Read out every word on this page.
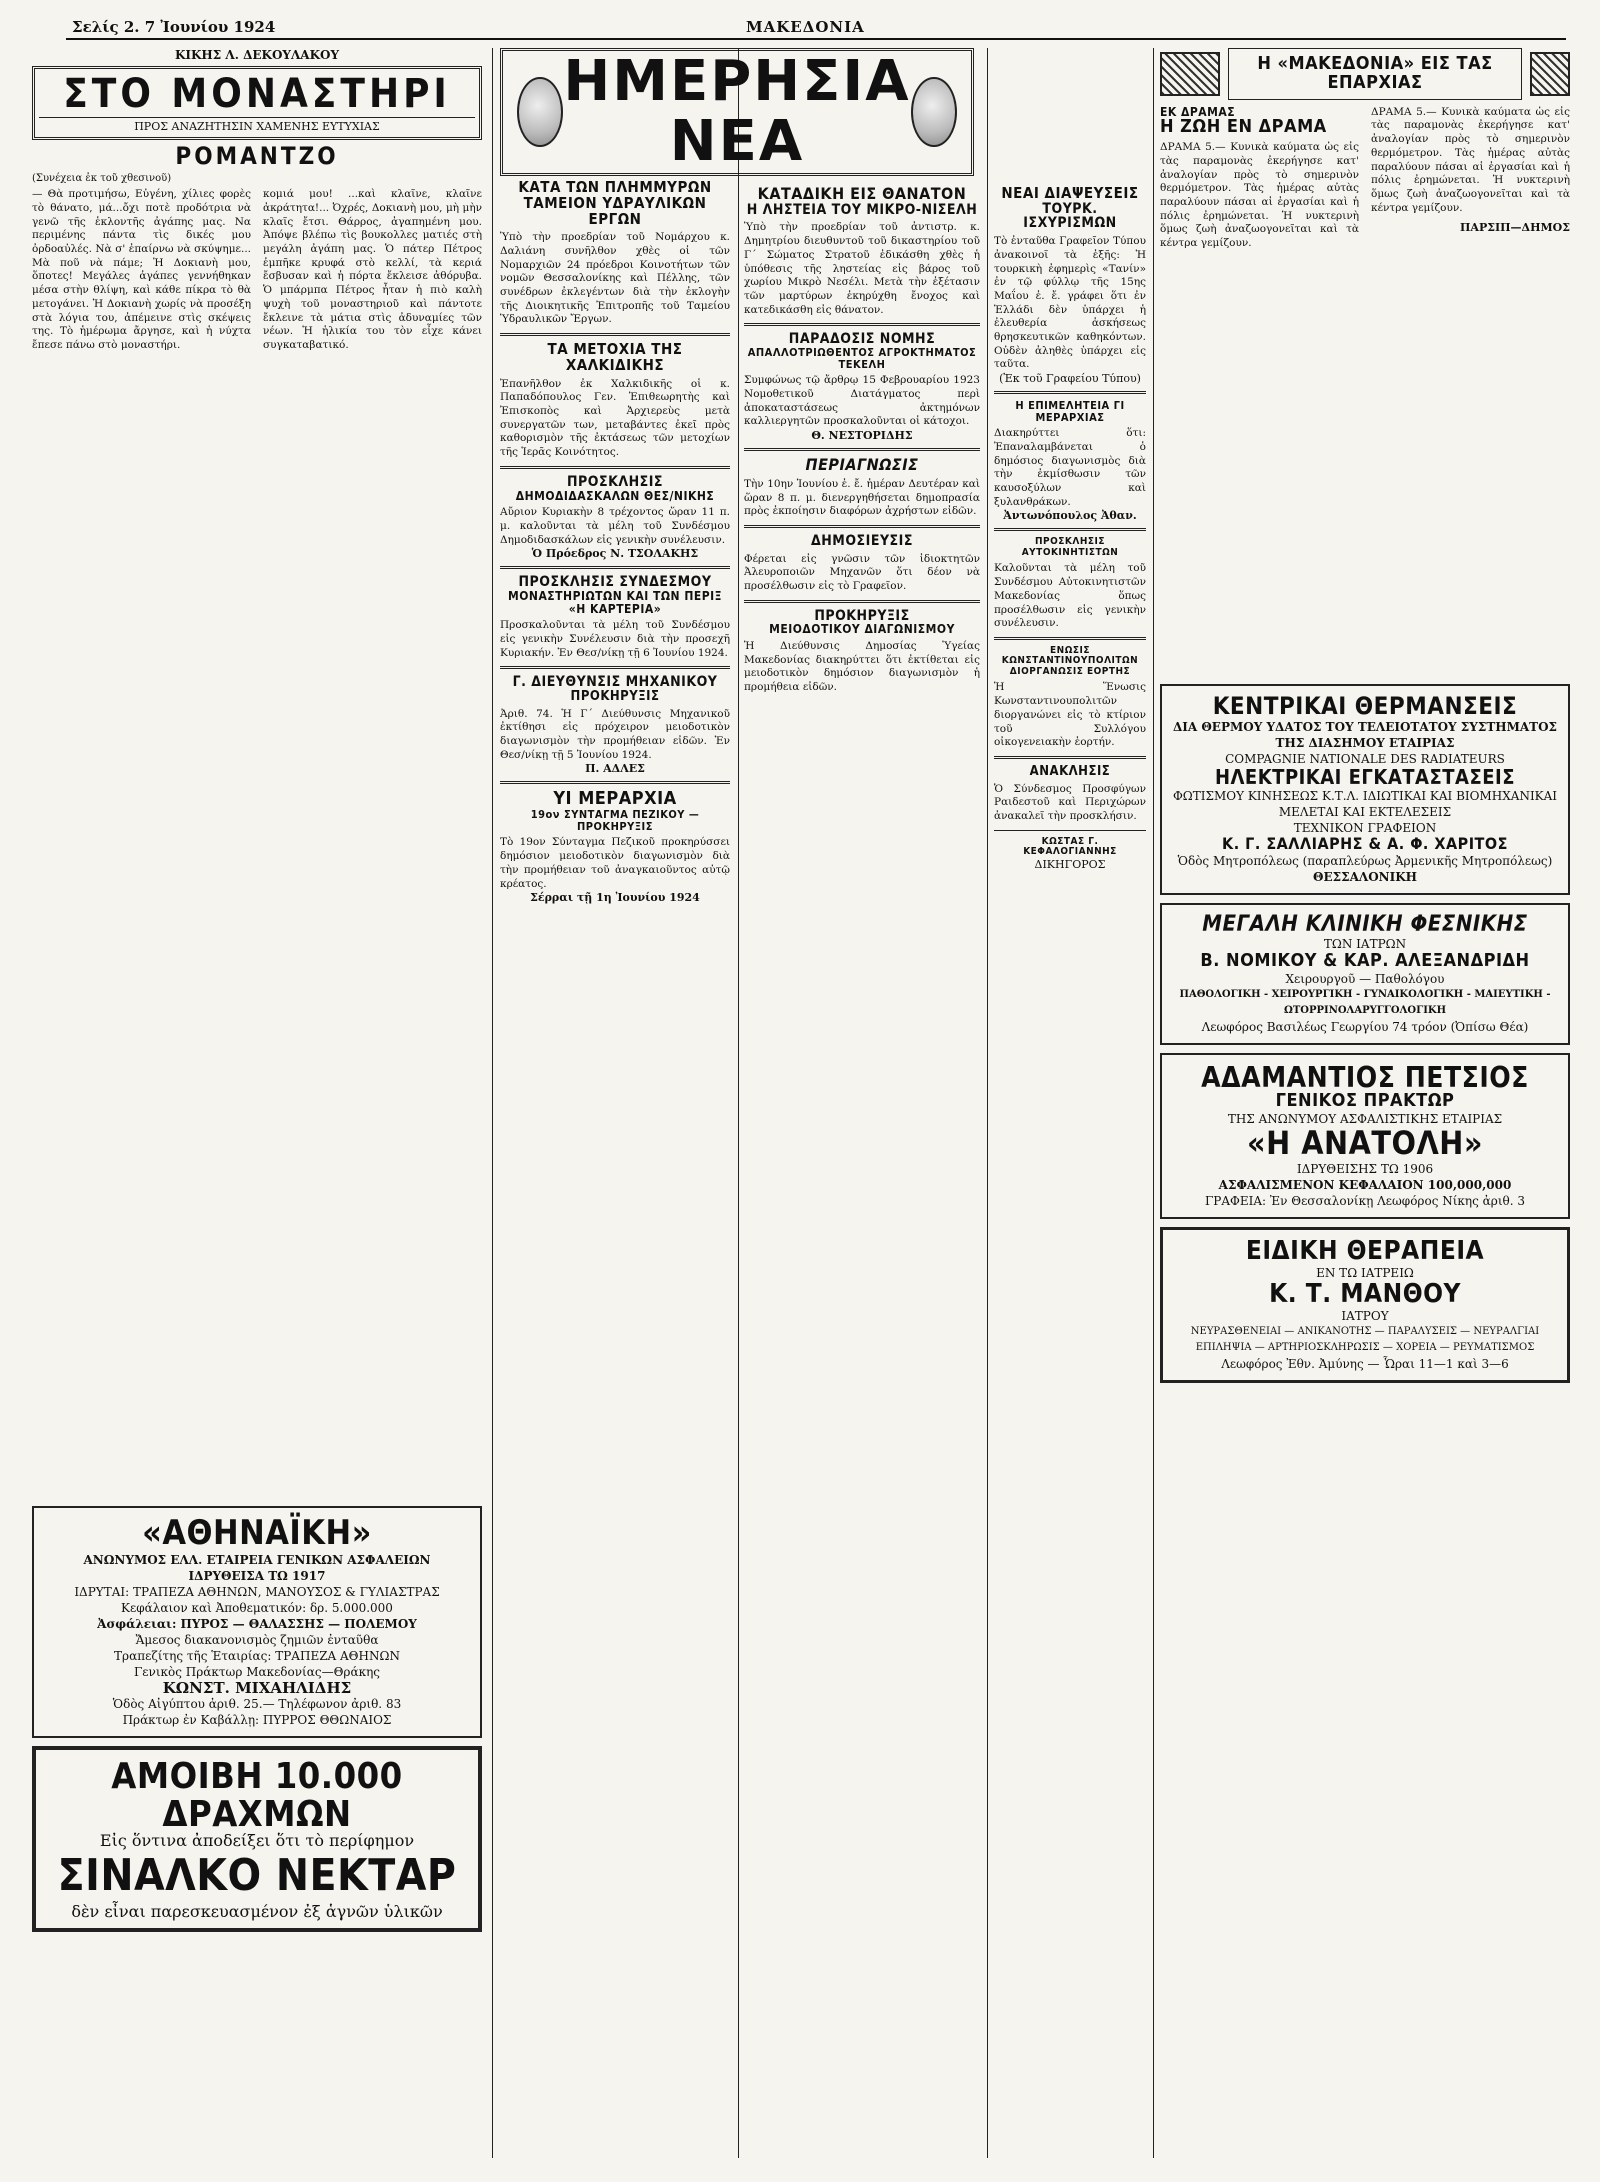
Σελίς 2. 7 Ἰουνίου 1924	ΜΑΚΕΔΟΝΙΑ
ΚΙΚΗΣ Λ. ΔΕΚΟΥΛΑΚΟΥ
ΣΤΟ ΜΟΝΑΣΤΗΡΙ
ΠΡΟΣ ΑΝΑΖΗΤΗΣΙΝ ΧΑΜΕΝΗΣ ΕΥΤΥΧΙΑΣ
ΡΟΜΑΝΤΖΟ
(Συνέχεια ἐκ τοῦ χθεσινοῦ)
— Θὰ προτιμήσω, Εὐγένη, χίλιες φορὲς τὸ θάνατο, μά...ὄχι ποτὲ προδότρια νὰ γενῶ τῆς ἑκλοντῆς ἀγάπης μας. Να περιμένης πάντα τὶς δικές μου ὀρδοαὐλές. Νὰ σ' ἐπαίρνω νὰ σκύψημε... Μὰ ποῦ νὰ πάμε; Ἡ Δοκιανὴ μου, ὅποτες! Μεγάλες ἀγάπες γεννήθηκαν μέσα στὴν θλίψη, καὶ κάθε πίκρα τὸ θὰ μετογάνει. Ἡ Δοκιανὴ χωρίς νὰ προσέξη στὰ λόγια του, ἀπέμεινε στὶς σκέψεις της. Τὸ ἡμέρωμα ἄργησε, καὶ ἡ νύχτα ἔπεσε πάνω στὸ μοναστήρι.
κομιά μου! ...καὶ κλαῖνε, κλαῖνε ἀκράτητα!... Ὀχρές, Δοκιανὴ μου, μὴ μὴν κλαῖς ἔτσι. Θάρρος, ἀγαπημένη μου. Ἀπόψε βλέπω τὶς βουκολλες ματιές στὴ μεγάλη ἀγάπη μας. Ὁ πάτερ Πέτρος ἐμπῆκε κρυφά στὸ κελλί, τὰ κεριά ἔσβυσαν καὶ ἡ πόρτα ἔκλεισε ἀθόρυβα. Ὁ μπάρμπα Πέτρος ἦταν ἡ πιὸ καλὴ ψυχὴ τοῦ μοναστηριοῦ καὶ πάντοτε ἔκλεινε τὰ μάτια στὶς ἀδυναμίες τῶν νέων. Ἡ ἡλικία του τὸν εἶχε κάνει συγκαταβατικό.
«ΑΘΗΝΑΪΚΗ»
ΑΝΩΝΥΜΟΣ ΕΛΛ. ΕΤΑΙΡΕΙΑ ΓΕΝΙΚΩΝ ΑΣΦΑΛΕΙΩΝ
ΙΔΡΥΘΕΙΣΑ ΤΩ 1917
ΙΔΡΥΤΑΙ: ΤΡΑΠΕΖΑ ΑΘΗΝΩΝ, ΜΑΝΟΥΣΟΣ & ΓΥΛΙΑΣΤΡΑΣ
Κεφάλαιον καὶ Ἀποθεματικόν: δρ. 5.000.000
Ἀσφάλειαι: ΠΥΡΟΣ — ΘΑΛΑΣΣΗΣ — ΠΟΛΕΜΟΥ
Ἄμεσος διακανονισμὸς ζημιῶν ἐνταῦθα
Τραπεζίτης τῆς Ἑταιρίας: ΤΡΑΠΕΖΑ ΑΘΗΝΩΝ
Γενικὸς Πράκτωρ Μακεδονίας—Θράκης
ΚΩΝΣΤ. ΜΙΧΑΗΛΙΔΗΣ
Ὁδὸς Αἰγύπτου ἀριθ. 25.— Τηλέφωνον ἀριθ. 83
Πράκτωρ ἐν Καβάλλῃ: ΠΥΡΡΟΣ ΘΘΩΝΑΙΟΣ
ΑΜΟΙΒΗ 10.000 ΔΡΑΧΜΩΝ
Εἰς ὅντινα ἀποδείξει ὅτι τὸ περίφημον
ΣΙΝΑΛΚΟ ΝΕΚΤΑΡ
δὲν εἶναι παρεσκευασμένον ἐξ ἁγνῶν ὑλικῶν
ΗΜΕΡΗΣΙΑ ΝΕΑ
ΚΑΤΑ ΤΩΝ ΠΛΗΜΜΥΡΩΝ
ΤΑΜΕΙΟΝ ΥΔΡΑΥΛΙΚΩΝ ΕΡΓΩΝ
Ὑπὸ τὴν προεδρίαν τοῦ Νομάρχου κ. Δαλιάνη συνῆλθον χθὲς οἱ τῶν Νομαρχιῶν 24 πρόεδροι Κοινοτήτων τῶν νομῶν Θεσσαλονίκης καὶ Πέλλης, τῶν συνέδρων ἐκλεγέντων διὰ τὴν ἐκλογὴν τῆς Διοικητικῆς Ἐπιτροπῆς τοῦ Ταμείου Ὑδραυλικῶν Ἔργων.
ΤΑ ΜΕΤΟΧΙΑ ΤΗΣ ΧΑΛΚΙΔΙΚΗΣ
Ἐπανῆλθον ἐκ Χαλκιδικῆς οἱ κ. Παπαδόπουλος Γεν. Ἐπιθεωρητὴς καὶ Ἐπισκοπὸς καὶ Ἀρχιερεὺς μετὰ συνεργατῶν των, μεταβάντες ἐκεῖ πρὸς καθορισμὸν τῆς ἐκτάσεως τῶν μετοχίων τῆς Ἱερᾶς Κοινότητος.
ΠΡΟΣΚΛΗΣΙΣ
ΔΗΜΟΔΙΔΑΣΚΑΛΩΝ ΘΕΣ/ΝΙΚΗΣ
Αὔριον Κυριακὴν 8 τρέχοντος ὥραν 11 π. μ. καλοῦνται τὰ μέλη τοῦ Συνδέσμου Δημοδιδασκάλων εἰς γενικὴν συνέλευσιν.
Ὁ Πρόεδρος Ν. ΤΣΟΛΑΚΗΣ
ΠΡΟΣΚΛΗΣΙΣ ΣΥΝΔΕΣΜΟΥ
ΜΟΝΑΣΤΗΡΙΩΤΩΝ ΚΑΙ ΤΩΝ ΠΕΡΙΞ «Η ΚΑΡΤΕΡΙΑ»
Προσκαλοῦνται τὰ μέλη τοῦ Συνδέσμου εἰς γενικὴν Συνέλευσιν διὰ τὴν προσεχῆ Κυριακήν. Ἐν Θεσ/νίκῃ τῇ 6 Ἰουνίου 1924.
Γ. ΔΙΕΥΘΥΝΣΙΣ ΜΗΧΑΝΙΚΟΥ
ΠΡΟΚΗΡΥΞΙΣ
Ἀριθ. 74. Ἡ Γ΄ Διεύθυνσις Μηχανικοῦ ἐκτίθησι εἰς πρόχειρον μειοδοτικὸν διαγωνισμὸν τὴν προμήθειαν εἰδῶν. Ἐν Θεσ/νίκῃ τῇ 5 Ἰουνίου 1924.
Π. ΑΔΛΕΣ
ΥΙ ΜΕΡΑΡΧΙΑ
19ον ΣΥΝΤΑΓΜΑ ΠΕΖΙΚΟΥ — ΠΡΟΚΗΡΥΞΙΣ
Τὸ 19ον Σύνταγμα Πεζικοῦ προκηρύσσει δημόσιον μειοδοτικὸν διαγωνισμὸν διὰ τὴν προμήθειαν τοῦ ἀναγκαιοῦντος αὐτῷ κρέατος.
Σέρραι τῇ 1η Ἰουνίου 1924
ΚΑΤΑΔΙΚΗ ΕΙΣ ΘΑΝΑΤΟΝ
Η ΛΗΣΤΕΙΑ ΤΟΥ ΜΙΚΡΟ-ΝΙΣΕΛΗ
Ὑπὸ τὴν προεδρίαν τοῦ ἀντιστρ. κ. Δημητρίου διευθυντοῦ τοῦ δικαστηρίου τοῦ Γ΄ Σώματος Στρατοῦ ἐδικάσθη χθὲς ἡ ὑπόθεσις τῆς ληστείας εἰς βάρος τοῦ χωρίου Μικρὸ Νεσέλι. Μετὰ τὴν ἐξέτασιν τῶν μαρτύρων ἐκηρύχθη ἔνοχος καὶ κατεδικάσθη εἰς θάνατον.
ΠΑΡΑΔΟΣΙΣ ΝΟΜΗΣ
ΑΠΑΛΛΟΤΡΙΩΘΕΝΤΟΣ ΑΓΡΟΚΤΗΜΑΤΟΣ ΤΕΚΕΛΗ
Συμφώνως τῷ ἄρθρῳ 15 Φεβρουαρίου 1923 Νομοθετικοῦ Διατάγματος περὶ ἀποκαταστάσεως ἀκτημόνων καλλιεργητῶν προσκαλοῦνται οἱ κάτοχοι.
Θ. ΝΕΣΤΟΡΙΔΗΣ
ΠΕΡΙΑΓΝΩΣΙΣ
Τὴν 10ην Ἰουνίου ἐ. ἔ. ἡμέραν Δευτέραν καὶ ὥραν 8 π. μ. διενεργηθήσεται δημοπρασία πρὸς ἐκποίησιν διαφόρων ἀχρήστων εἰδῶν.
ΔΗΜΟΣΙΕΥΣΙΣ
Φέρεται εἰς γνῶσιν τῶν ἰδιοκτητῶν Ἀλευροποιῶν Μηχανῶν ὅτι δέον νὰ προσέλθωσιν εἰς τὸ Γραφεῖον.
ΠΡΟΚΗΡΥΞΙΣ
ΜΕΙΟΔΟΤΙΚΟΥ ΔΙΑΓΩΝΙΣΜΟΥ
Ἡ Διεύθυνσις Δημοσίας Ὑγείας Μακεδονίας διακηρύττει ὅτι ἐκτίθεται εἰς μειοδοτικὸν δημόσιον διαγωνισμὸν ἡ προμήθεια εἰδῶν.
ΝΕΑΙ ΔΙΑΨΕΥΣΕΙΣ
ΤΟΥΡΚ. ΙΣΧΥΡΙΣΜΩΝ
Τὸ ἐνταῦθα Γραφεῖον Τύπου ἀνακοινοῖ τὰ ἑξῆς: Ἡ τουρκικὴ ἐφημερὶς «Τανίν» ἐν τῷ φύλλῳ τῆς 15ης Μαΐου ἐ. ἔ. γράφει ὅτι ἐν Ἑλλάδι δὲν ὑπάρχει ἡ ἐλευθερία ἀσκήσεως θρησκευτικῶν καθηκόντων. Οὐδὲν ἀληθὲς ὑπάρχει εἰς ταῦτα.
(Ἐκ τοῦ Γραφείου Τύπου)
Η ΕΠΙΜΕΛΗΤΕΙΑ ΓΙ ΜΕΡΑΡΧΙΑΣ
Διακηρύττει ὅτι: Ἐπαναλαμβάνεται ὁ δημόσιος διαγωνισμὸς διὰ τὴν ἐκμίσθωσιν τῶν καυσοξύλων καὶ ξυλανθράκων.
Ἀντωνόπουλος Ἀθαν.
ΠΡΟΣΚΛΗΣΙΣ ΑΥΤΟΚΙΝΗΤΙΣΤΩΝ
Καλοῦνται τὰ μέλη τοῦ Συνδέσμου Αὐτοκινητιστῶν Μακεδονίας ὅπως προσέλθωσιν εἰς γενικὴν συνέλευσιν.
ΕΝΩΣΙΣ ΚΩΝΣΤΑΝΤΙΝΟΥΠΟΛΙΤΩΝ
ΔΙΟΡΓΑΝΩΣΙΣ ΕΟΡΤΗΣ
Ἡ Ἕνωσις Κωνσταντινουπολιτῶν διοργανώνει εἰς τὸ κτίριον τοῦ Συλλόγου οἰκογενειακὴν ἑορτήν.
ΑΝΑΚΛΗΣΙΣ
Ὁ Σύνδεσμος Προσφύγων Ραιδεστοῦ καὶ Περιχώρων ἀνακαλεῖ τὴν προσκλήσιν.
ΚΩΣΤΑΣ Γ. ΚΕΦΑΛΟΓΙΑΝΝΗΣ
ΔΙΚΗΓΟΡΟΣ
Η «ΜΑΚΕΔΟΝΙΑ» ΕΙΣ ΤΑΣ ΕΠΑΡΧΙΑΣ
ΕΚ ΔΡΑΜΑΣ
Η ΖΩΗ ΕΝ ΔΡΑΜΑ
ΔΡΑΜΑ 5.— Κυνικὰ καύματα ὡς εἰς τὰς παραμονὰς ἐκερήγησε κατ' ἀναλογίαν πρὸς τὸ σημερινὸν θερμόμετρον. Τὰς ἡμέρας αὐτὰς παραλύουν πάσαι αἱ ἐργασίαι καὶ ἡ πόλις ἐρημώνεται. Ἡ νυκτερινὴ ὅμως ζωὴ ἀναζωογονεῖται καὶ τὰ κέντρα γεμίζουν.
ΔΡΑΜΑ 5.— Κυνικὰ καύματα ὡς εἰς τὰς παραμονὰς ἐκερήγησε κατ' ἀναλογίαν πρὸς τὸ σημερινὸν θερμόμετρον. Τὰς ἡμέρας αὐτὰς παραλύουν πάσαι αἱ ἐργασίαι καὶ ἡ πόλις ἐρημώνεται. Ἡ νυκτερινὴ ὅμως ζωὴ ἀναζωογονεῖται καὶ τὰ κέντρα γεμίζουν.
ΠΑΡΣΙΠ—ΔΗΜΟΣ
ΚΕΝΤΡΙΚΑΙ ΘΕΡΜΑΝΣΕΙΣ
ΔΙΑ ΘΕΡΜΟΥ ΥΔΑΤΟΣ ΤΟΥ ΤΕΛΕΙΟΤΑΤΟΥ ΣΥΣΤΗΜΑΤΟΣ
ΤΗΣ ΔΙΑΣΗΜΟΥ ΕΤΑΙΡΙΑΣ
COMPAGNIE NATIONALE DES RADIATEURS
ΗΛΕΚΤΡΙΚΑΙ ΕΓΚΑΤΑΣΤΑΣΕΙΣ
ΦΩΤΙΣΜΟΥ ΚΙΝΗΣΕΩΣ Κ.Τ.Λ. ΙΔΙΩΤΙΚΑΙ ΚΑΙ ΒΙΟΜΗΧΑΝΙΚΑΙ ΜΕΛΕΤΑΙ ΚΑΙ ΕΚΤΕΛΕΣΕΙΣ
ΤΕΧΝΙΚΟΝ ΓΡΑΦΕΙΟΝ
Κ. Γ. ΣΑΛΛΙΑΡΗΣ & Α. Φ. ΧΑΡΙΤΟΣ
Ὁδὸς Μητροπόλεως (παραπλεύρως Ἀρμενικῆς Μητροπόλεως)
ΘΕΣΣΑΛΟΝΙΚΗ
ΜΕΓΑΛΗ ΚΛΙΝΙΚΗ ΦΕΣΝΙΚΗΣ
ΤΩΝ ΙΑΤΡΩΝ
Β. ΝΟΜΙΚΟΥ & ΚΑΡ. ΑΛΕΞΑΝΔΡΙΔΗ
Χειρουργοῦ — Παθολόγου
ΠΑΘΟΛΟΓΙΚΗ - ΧΕΙΡΟΥΡΓΙΚΗ - ΓΥΝΑΙΚΟΛΟΓΙΚΗ - ΜΑΙΕΥΤΙΚΗ - ΩΤΟΡΡΙΝΟΛΑΡΥΓΓΟΛΟΓΙΚΗ
Λεωφόρος Βασιλέως Γεωργίου 74 τρόον (Ὀπίσω Θέα)
ΑΔΑΜΑΝΤΙΟΣ ΠΕΤΣΙΟΣ
ΓΕΝΙΚΟΣ ΠΡΑΚΤΩΡ
ΤΗΣ ΑΝΩΝΥΜΟΥ ΑΣΦΑΛΙΣΤΙΚΗΣ ΕΤΑΙΡΙΑΣ
«Η ΑΝΑΤΟΛΗ»
ΙΔΡΥΘΕΙΣΗΣ ΤΩ 1906
ΑΣΦΑΛΙΣΜΕΝΟΝ ΚΕΦΑΛΑΙΟΝ 100,000,000
ΓΡΑΦΕΙΑ: Ἐν Θεσσαλονίκῃ Λεωφόρος Νίκης ἀριθ. 3
ΕΙΔΙΚΗ ΘΕΡΑΠΕΙΑ
ΕΝ ΤΩ ΙΑΤΡΕΙΩ
Κ. Τ. ΜΑΝΘΟΥ
ΙΑΤΡΟΥ
ΝΕΥΡΑΣΘΕΝΕΙΑΙ — ΑΝΙΚΑΝΟΤΗΣ — ΠΑΡΑΛΥΣΕΙΣ — ΝΕΥΡΑΛΓΙΑΙ
ΕΠΙΛΗΨΙΑ — ΑΡΤΗΡΙΟΣΚΛΗΡΩΣΙΣ — ΧΟΡΕΙΑ — ΡΕΥΜΑΤΙΣΜΟΣ
Λεωφόρος Ἐθν. Ἀμύνης — Ὧραι 11—1 καὶ 3—6
